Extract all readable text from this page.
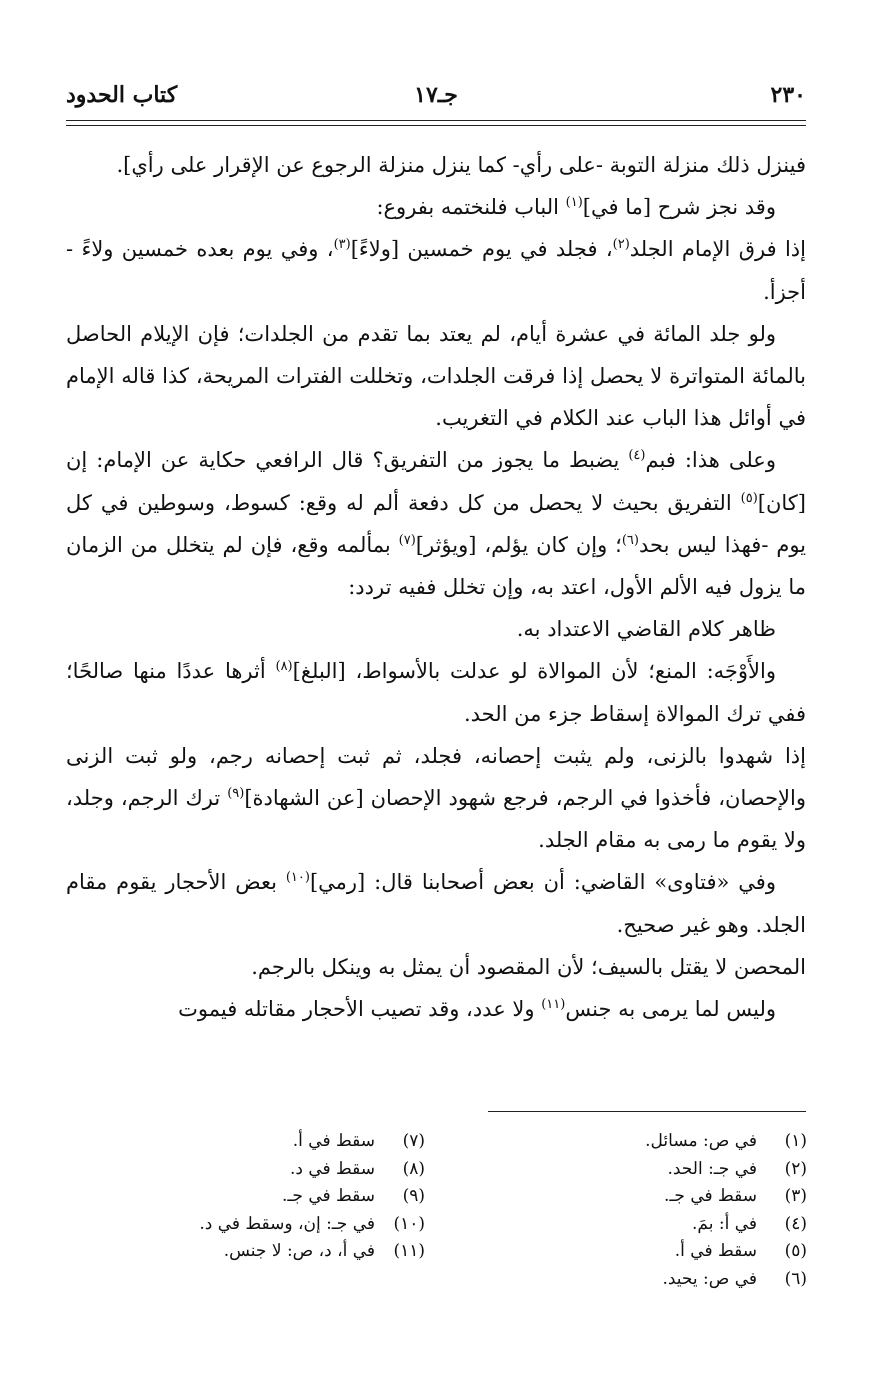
٢٣٠
جـ١٧
كتاب الحدود

فينزل ذلك منزلة التوبة -على رأي- كما ينزل منزلة الرجوع عن الإقرار على رأي].

وقد نجز شرح [ما في]$^{(١)}$ الباب فلنختمه بفروع:

إذا فرق الإمام الجلد$^{(٢)}$، فجلد في يوم خمسين [ولاءً]$^{(٣)}$، وفي يوم بعده خمسين ولاءً - أجزأ.

ولو جلد المائة في عشرة أيام، لم يعتد بما تقدم من الجلدات؛ فإن الإيلام الحاصل بالمائة المتواترة لا يحصل إذا فرقت الجلدات، وتخللت الفترات المريحة، كذا قاله الإمام في أوائل هذا الباب عند الكلام في التغريب.

وعلى هذا: فبم$^{(٤)}$ يضبط ما يجوز من التفريق؟ قال الرافعي حكاية عن الإمام: إن [كان]$^{(٥)}$ التفريق بحيث لا يحصل من كل دفعة ألم له وقع: كسوط، وسوطين في كل يوم -فهذا ليس بحد$^{(٦)}$؛ وإن كان يؤلم، [ويؤثر]$^{(٧)}$ بمألمه وقع، فإن لم يتخلل من الزمان ما يزول فيه الألم الأول، اعتد به، وإن تخلل ففيه تردد:

ظاهر كلام القاضي الاعتداد به.

والأَوْجَه: المنع؛ لأن الموالاة لو عدلت بالأسواط، [البلغ]$^{(٨)}$ أثرها عددًا منها صالحًا؛ ففي ترك الموالاة إسقاط جزء من الحد.

إذا شهدوا بالزنى، ولم يثبت إحصانه، فجلد، ثم ثبت إحصانه رجم، ولو ثبت الزنى والإحصان، فأخذوا في الرجم، فرجع شهود الإحصان [عن الشهادة]$^{(٩)}$ ترك الرجم، وجلد، ولا يقوم ما رمى به مقام الجلد.

وفي «فتاوى» القاضي: أن بعض أصحابنا قال: [رمي]$^{(١٠)}$ بعض الأحجار يقوم مقام الجلد. وهو غير صحيح.

المحصن لا يقتل بالسيف؛ لأن المقصود أن يمثل به وينكل بالرجم.

وليس لما يرمى به جنس$^{(١١)}$ ولا عدد، وقد تصيب الأحجار مقاتله فيموت

(١)في ص: مسائل.
(٢)في جـ: الحد.
(٣)سقط في جـ.
(٤)في أ: بمَ.
(٥)سقط في أ.
(٦)في ص: يحيد.
(٧)سقط في أ.
(٨)سقط في د.
(٩)سقط في جـ.
(١٠)في جـ: إن، وسقط في د.
(١١)في أ، د، ص: لا جنس.
